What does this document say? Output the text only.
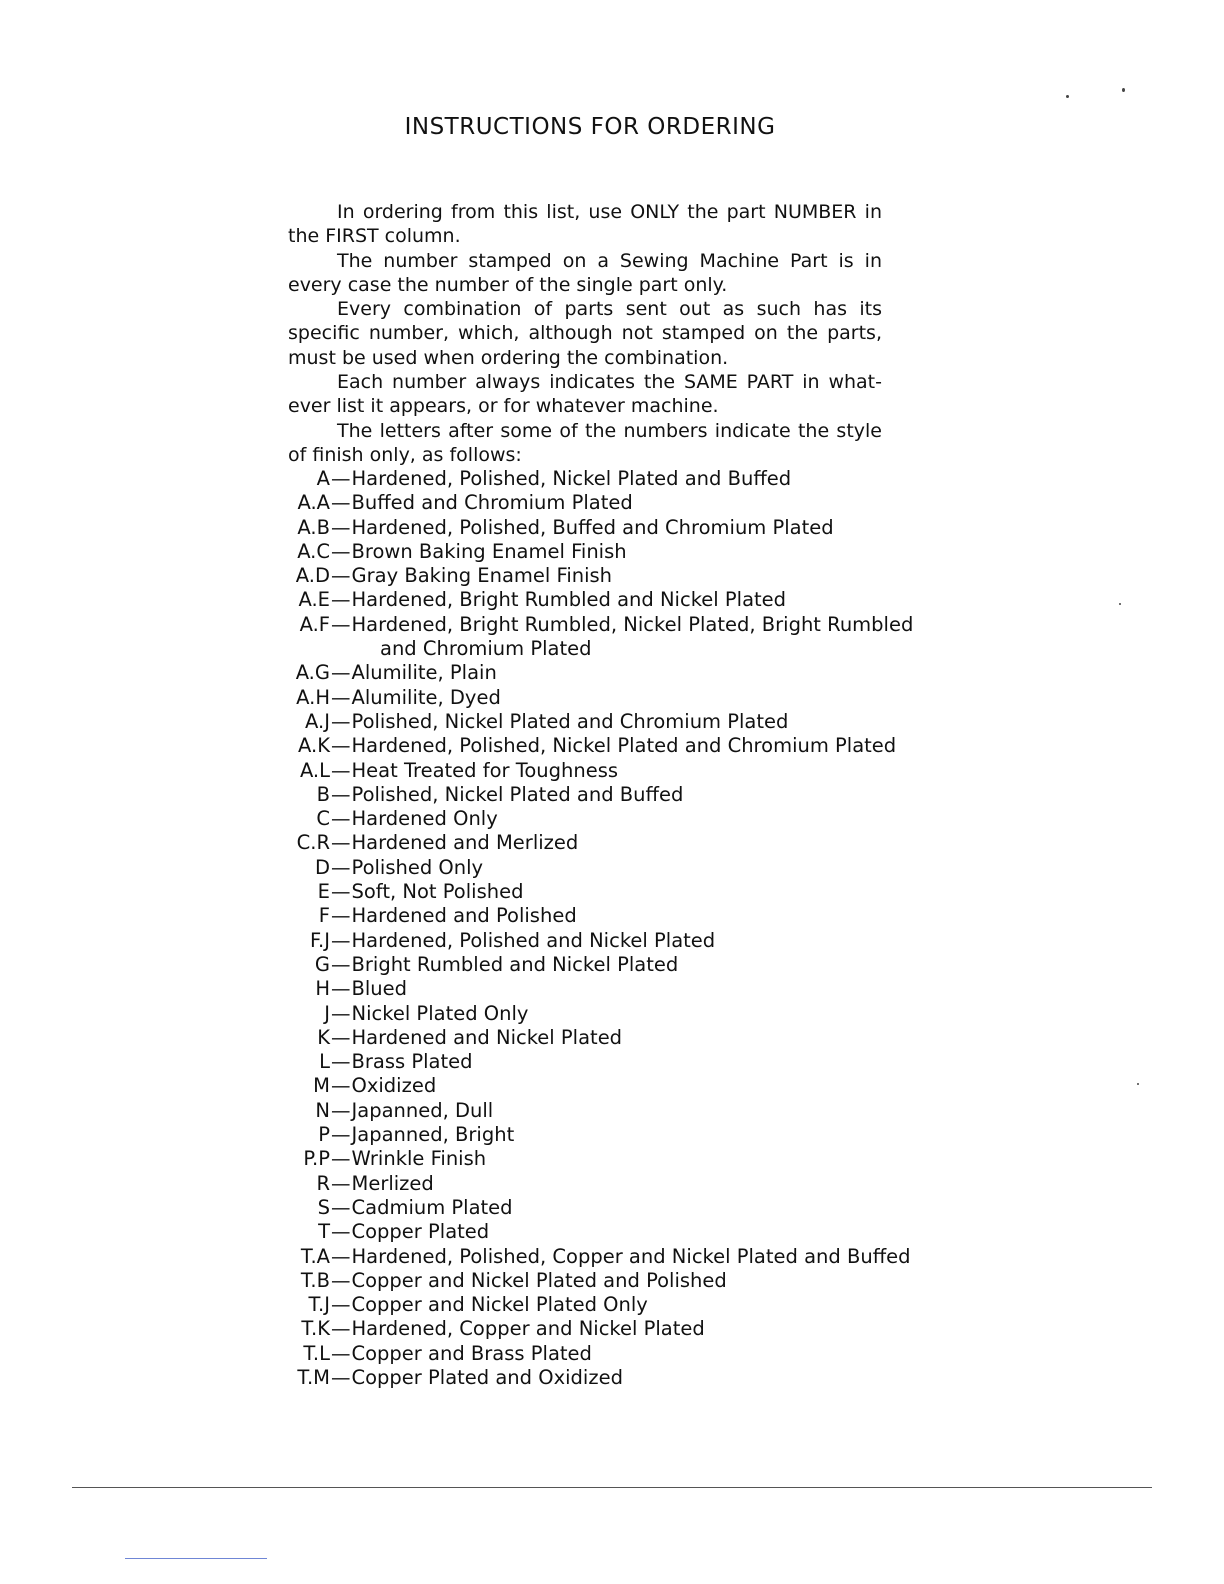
INSTRUCTIONS FOR ORDERING

In ordering from this list, use ONLY the part NUMBER in the FIRST column.

The number stamped on a Sewing Machine Part is in every case the number of the single part only.

Every combination of parts sent out as such has its specific number, which, although not stamped on the parts, must be used when ordering the combination.

Each number always indicates the SAME PART in what-ever list it appears, or for whatever machine.

The letters after some of the numbers indicate the style of finish only, as follows:

A — Hardened, Polished, Nickel Plated and Buffed
A.A — Buffed and Chromium Plated
A.B — Hardened, Polished, Buffed and Chromium Plated
A.C — Brown Baking Enamel Finish
A.D — Gray Baking Enamel Finish
A.E — Hardened, Bright Rumbled and Nickel Plated
A.F — Hardened, Bright Rumbled, Nickel Plated, Bright Rumbled
and Chromium Plated
A.G — Alumilite, Plain
A.H — Alumilite, Dyed
A.J — Polished, Nickel Plated and Chromium Plated
A.K — Hardened, Polished, Nickel Plated and Chromium Plated
A.L — Heat Treated for Toughness
B — Polished, Nickel Plated and Buffed
C — Hardened Only
C.R — Hardened and Merlized
D — Polished Only
E — Soft, Not Polished
F — Hardened and Polished
F.J — Hardened, Polished and Nickel Plated
G — Bright Rumbled and Nickel Plated
H — Blued
J — Nickel Plated Only
K — Hardened and Nickel Plated
L — Brass Plated
M — Oxidized
N — Japanned, Dull
P — Japanned, Bright
P.P — Wrinkle Finish
R — Merlized
S — Cadmium Plated
T — Copper Plated
T.A — Hardened, Polished, Copper and Nickel Plated and Buffed
T.B — Copper and Nickel Plated and Polished
T.J — Copper and Nickel Plated Only
T.K — Hardened, Copper and Nickel Plated
T.L — Copper and Brass Plated
T.M — Copper Plated and Oxidized
